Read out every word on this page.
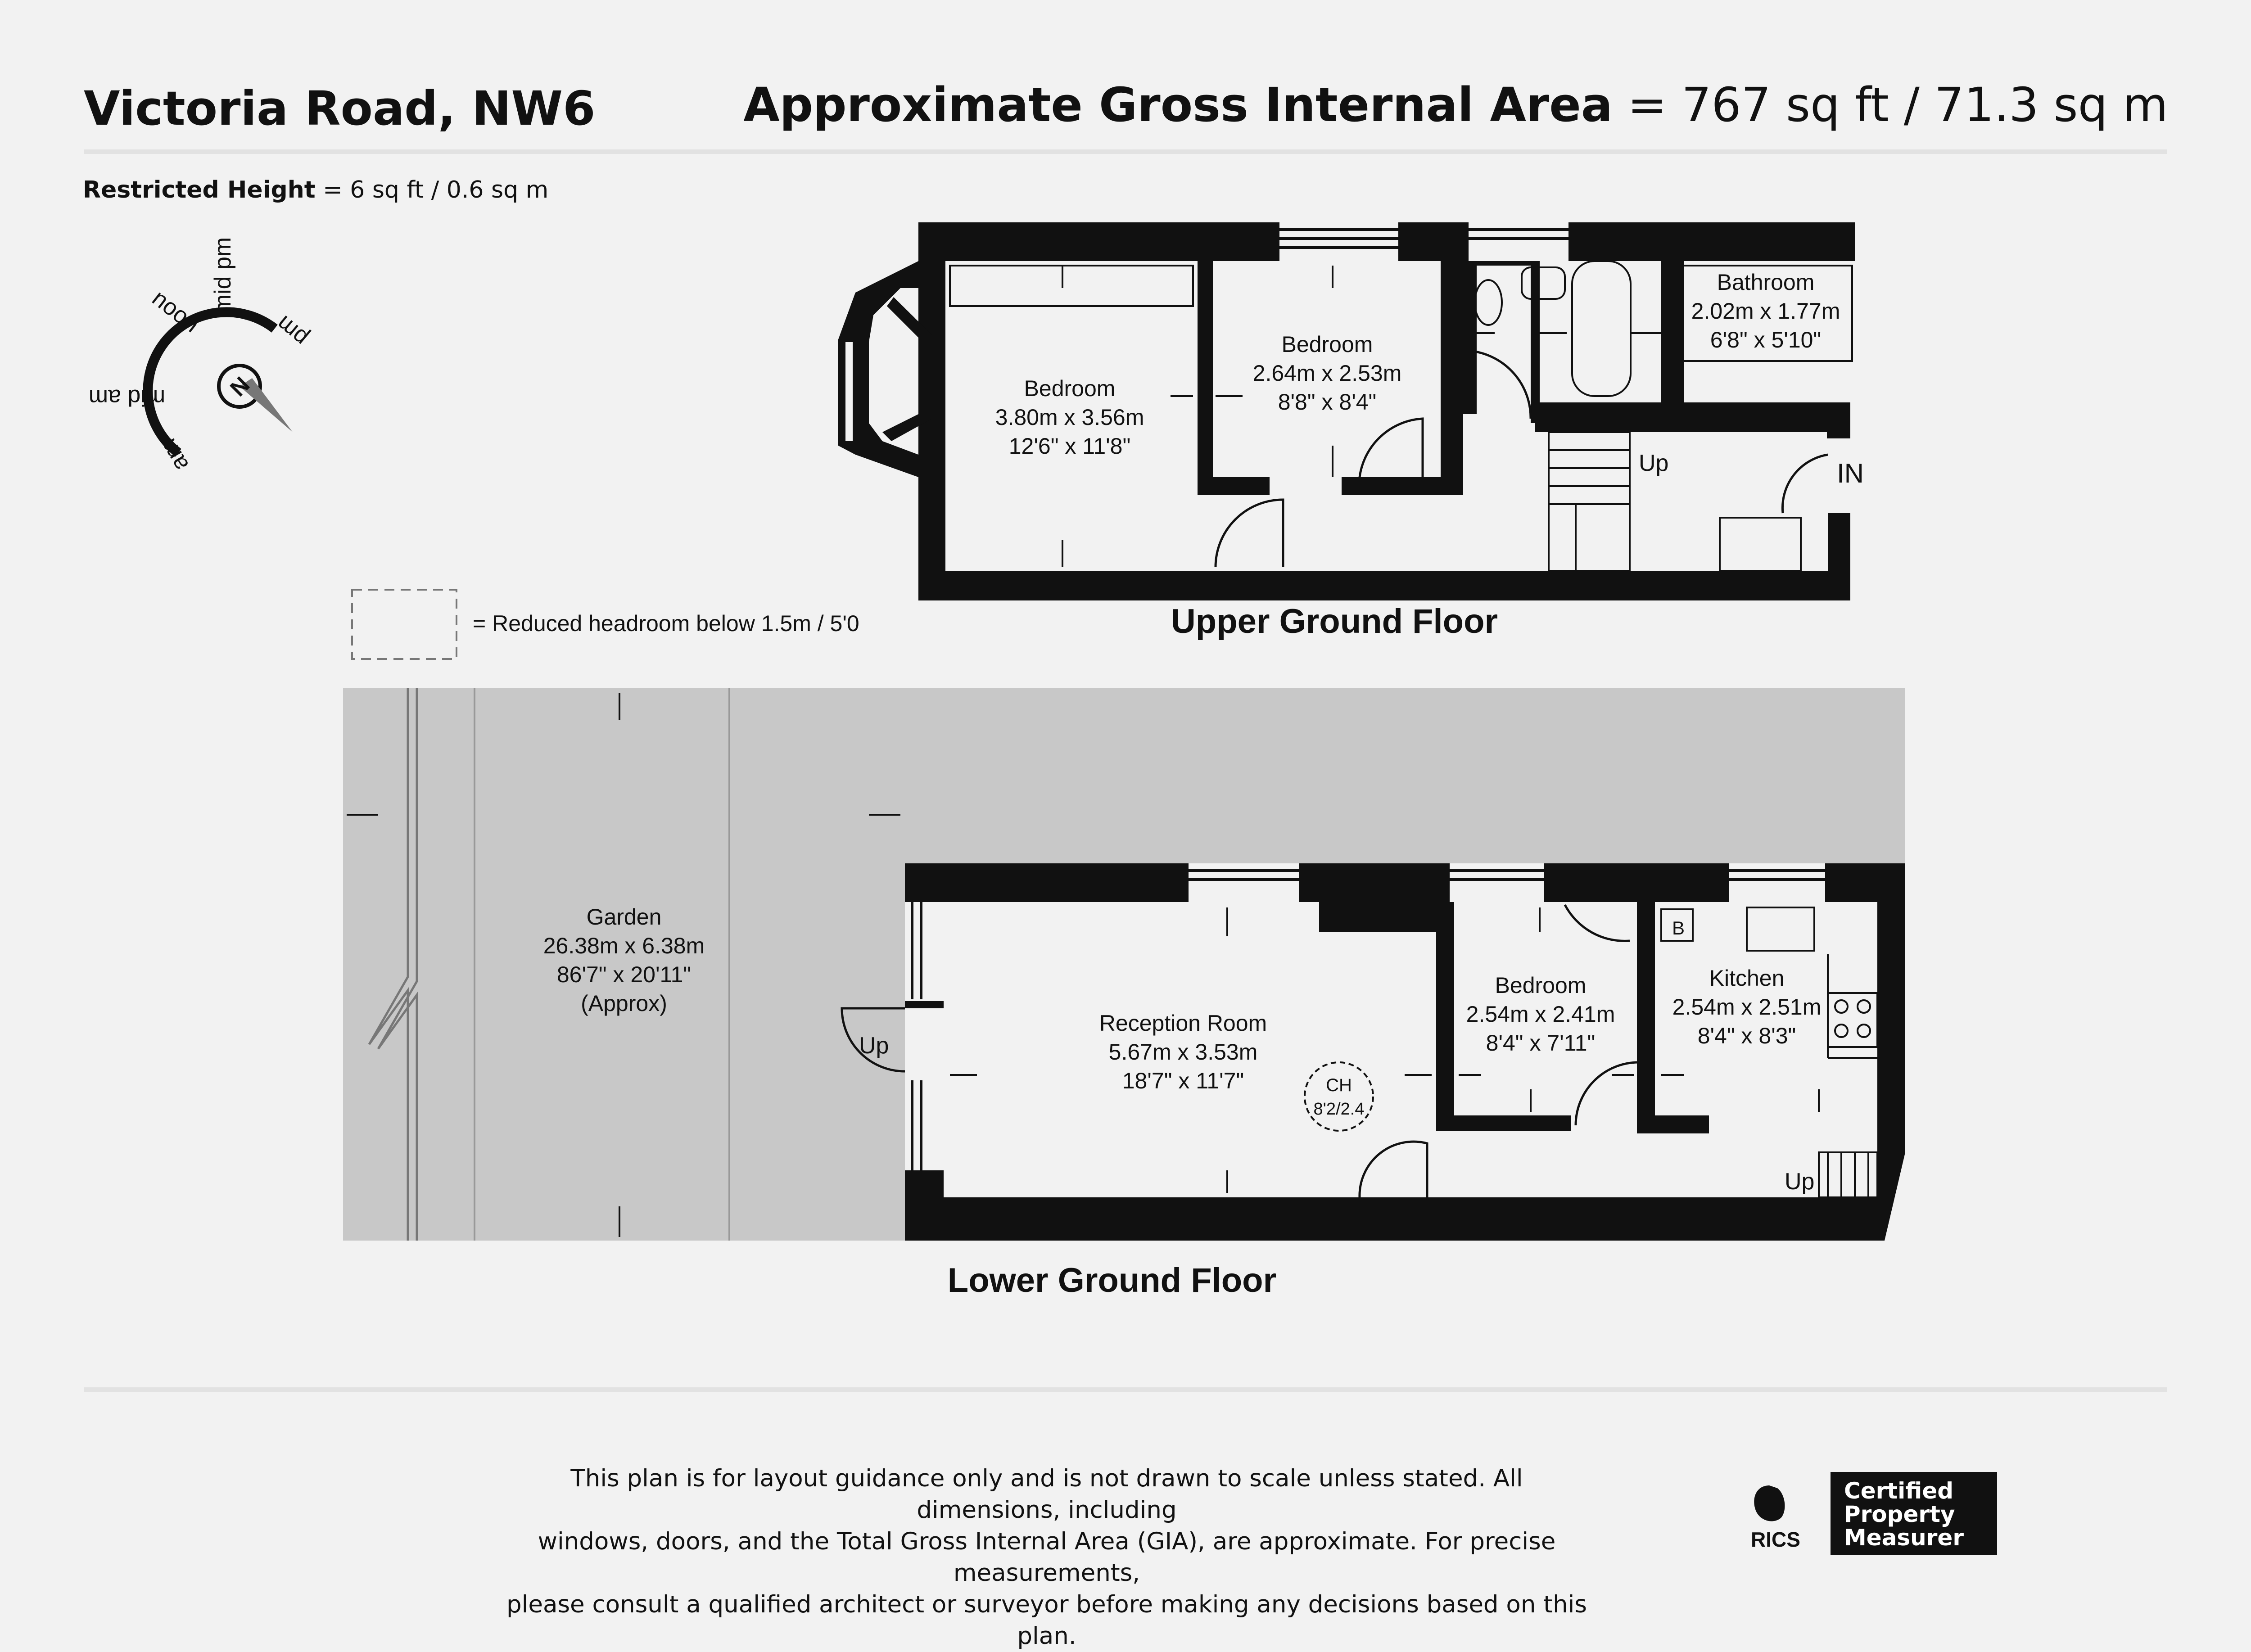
Victoria Road, NW6	Approximate Gross Internal Area = 767 sq ft / 71.3 sq m
Restricted Height = 6 sq ft / 0.6 sq m
N
mid pm
noon	pm
mid am
am	Up	IN
Bedroom
3.80m x 3.56m
12'6" x 11'8"
Bedroom
2.64m x 2.53m
8'8" x 8'4"
Bathroom
2.02m x 1.77m
6'8" x 5'10"
Upper Ground Floor
= Reduced headroom below 1.5m / 5'0
Garden
26.38m x 6.38m
86'7" x 20'11"
(Approx)
Up
B
Up
CH
8'2/2.4
Reception Room
5.67m x 3.53m
18'7" x 11'7"
Bedroom
2.54m x 2.41m
8'4" x 7'11"
Kitchen
2.54m x 2.51m
8'4" x 8'3"
Lower Ground Floor
RICS
This plan is for layout guidance only and is not drawn to scale unless stated. All dimensions, including
windows, doors, and the Total Gross Internal Area (GIA), are approximate. For precise measurements,
please consult a qualified architect or surveyor before making any decisions based on this plan.
Certified
Property
Measurer
